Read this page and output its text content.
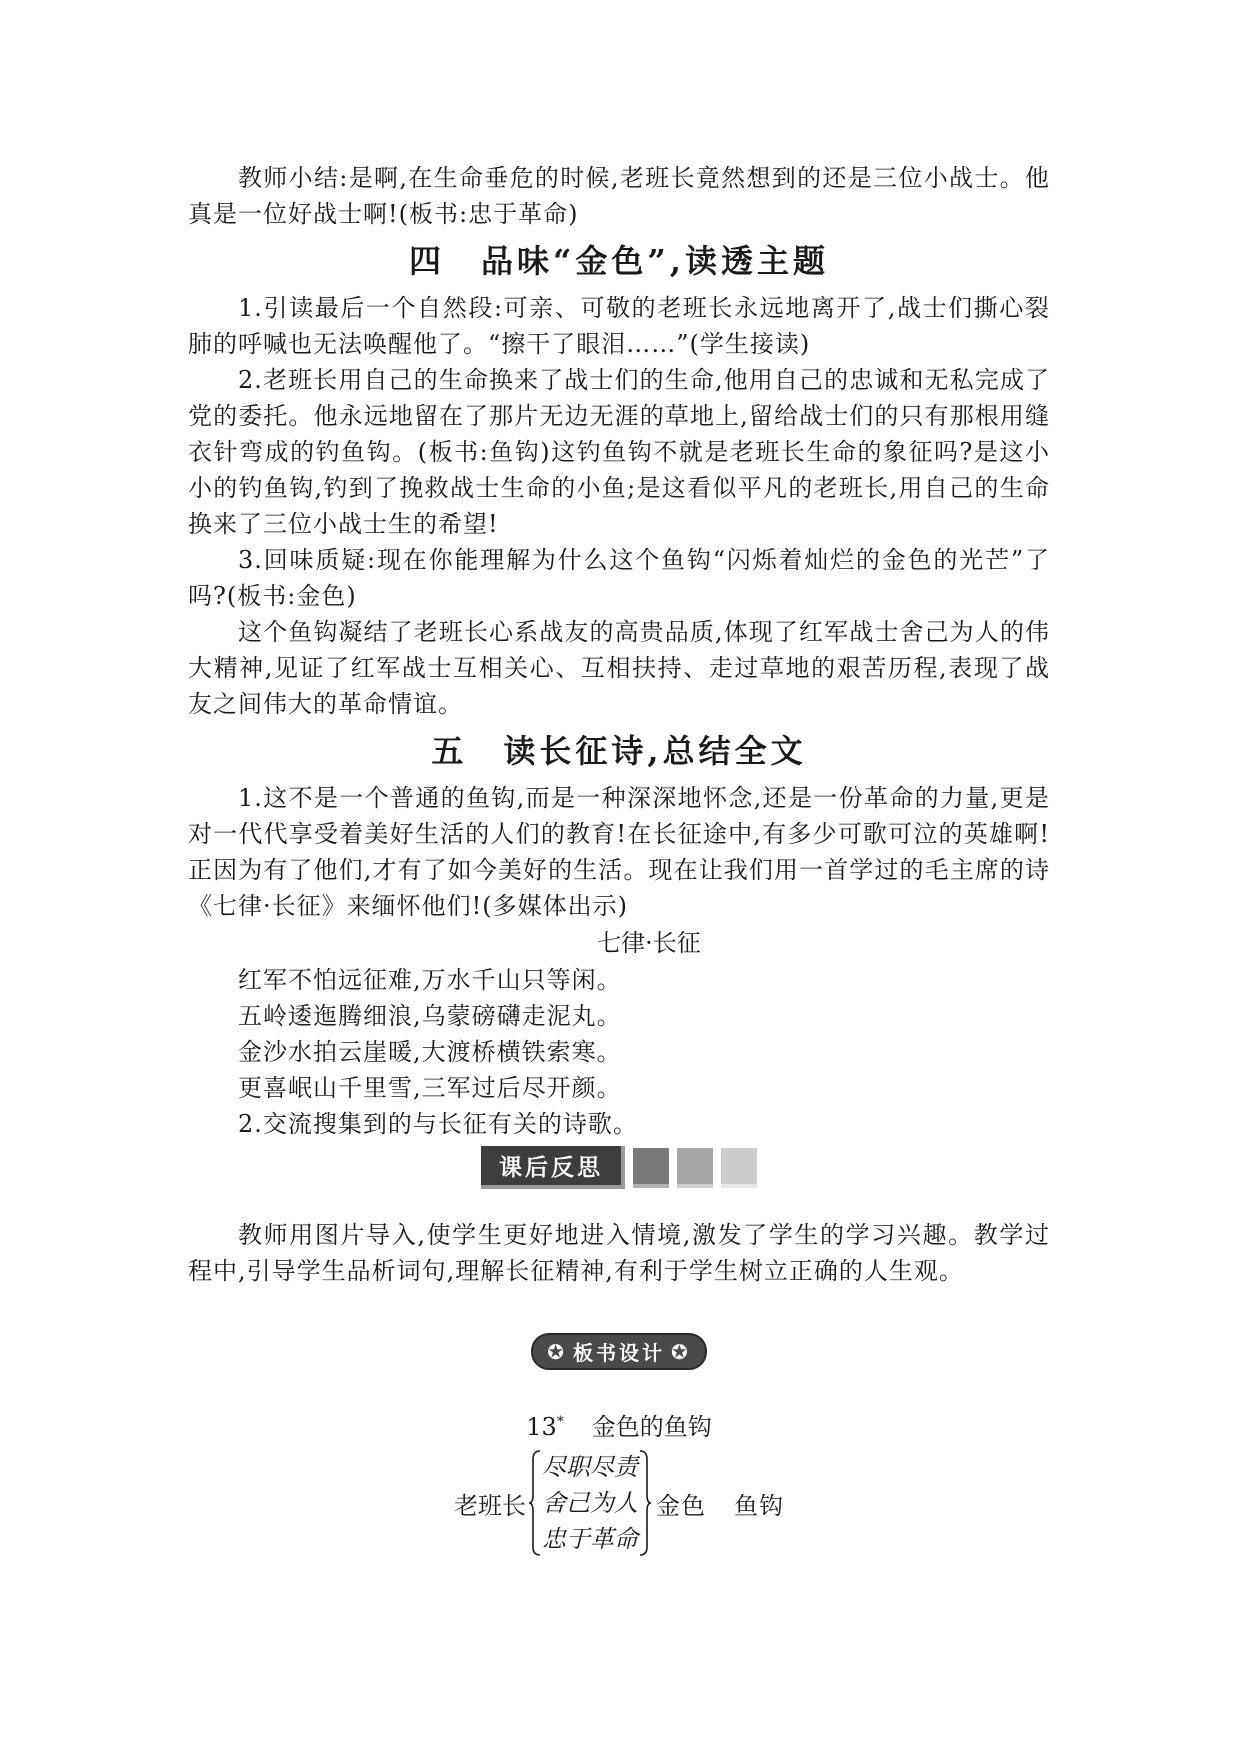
教师小结:是啊,在生命垂危的时候,老班长竟然想到的还是三位小战士。他真是一位好战士啊!(板书:忠于革命)

四　品味“金色”,读透主题

1.引读最后一个自然段:可亲、可敬的老班长永远地离开了,战士们撕心裂肺的呼喊也无法唤醒他了。“擦干了眼泪……”(学生接读)

2.老班长用自己的生命换来了战士们的生命,他用自己的忠诚和无私完成了党的委托。他永远地留在了那片无边无涯的草地上,留给战士们的只有那根用缝衣针弯成的钓鱼钩。(板书:鱼钩)这钓鱼钩不就是老班长生命的象征吗?是这小小的钓鱼钩,钓到了挽救战士生命的小鱼;是这看似平凡的老班长,用自己的生命换来了三位小战士生的希望!

3.回味质疑:现在你能理解为什么这个鱼钩“闪烁着灿烂的金色的光芒”了吗?(板书:金色)

这个鱼钩凝结了老班长心系战友的高贵品质,体现了红军战士舍己为人的伟大精神,见证了红军战士互相关心、互相扶持、走过草地的艰苦历程,表现了战友之间伟大的革命情谊。

五　读长征诗,总结全文

1.这不是一个普通的鱼钩,而是一种深深地怀念,还是一份革命的力量,更是对一代代享受着美好生活的人们的教育!在长征途中,有多少可歌可泣的英雄啊!正因为有了他们,才有了如今美好的生活。现在让我们用一首学过的毛主席的诗《七律·长征》来缅怀他们!(多媒体出示)

七律·长征

红军不怕远征难,万水千山只等闲。

五岭逶迤腾细浪,乌蒙磅礴走泥丸。

金沙水拍云崖暖,大渡桥横铁索寒。

更喜岷山千里雪,三军过后尽开颜。

2.交流搜集到的与长征有关的诗歌。

课后反思

教师用图片导入,使学生更好地进入情境,激发了学生的学习兴趣。教学过程中,引导学生品析词句,理解长征精神,有利于学生树立正确的人生观。

✪ 板书设计 ✪

13* 金色的鱼钩

老班长
尽职尽责
舍己为人
忠于革命
金色 鱼钩
